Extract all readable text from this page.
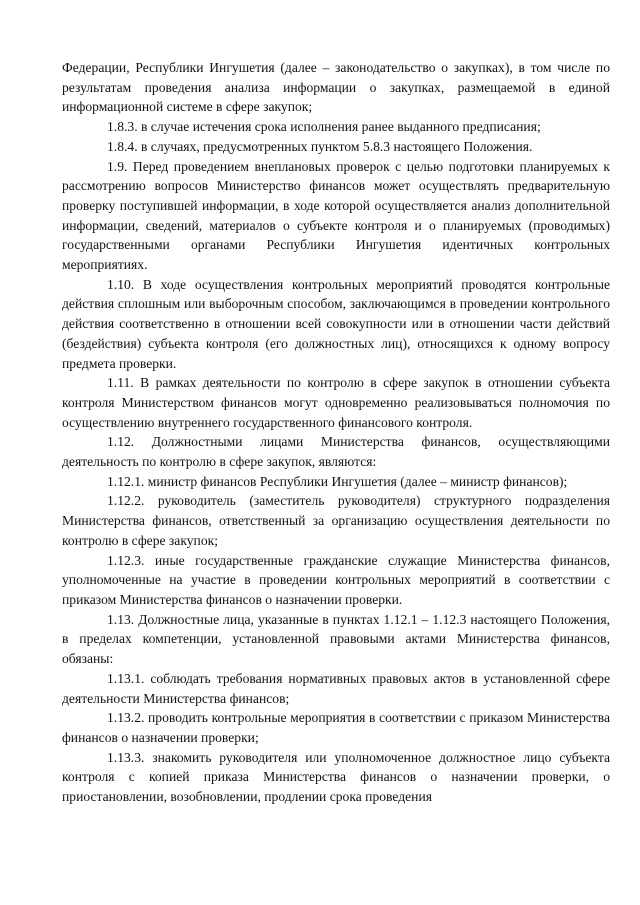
Федерации, Республики Ингушетия (далее – законодательство о закупках), в том числе по результатам проведения анализа информации о закупках, размещаемой в единой информационной системе в сфере закупок;

1.8.3. в случае истечения срока исполнения ранее выданного предписания;

1.8.4. в случаях, предусмотренных пунктом 5.8.3 настоящего Положения.

1.9. Перед проведением внеплановых проверок с целью подготовки планируемых к рассмотрению вопросов Министерство финансов может осуществлять предварительную проверку поступившей информации, в ходе которой осуществляется анализ дополнительной информации, сведений, материалов о субъекте контроля и о планируемых (проводимых) государственными органами Республики Ингушетия идентичных контрольных мероприятиях.

1.10. В ходе осуществления контрольных мероприятий проводятся контрольные действия сплошным или выборочным способом, заключающимся в проведении контрольного действия соответственно в отношении всей совокупности или в отношении части действий (бездействия) субъекта контроля (его должностных лиц), относящихся к одному вопросу предмета проверки.

1.11. В рамках деятельности по контролю в сфере закупок в отношении субъекта контроля Министерством финансов могут одновременно реализовываться полномочия по осуществлению внутреннего государственного финансового контроля.

1.12. Должностными лицами Министерства финансов, осуществляющими деятельность по контролю в сфере закупок, являются:

1.12.1. министр финансов Республики Ингушетия (далее – министр финансов);

1.12.2. руководитель (заместитель руководителя) структурного подразделения Министерства финансов, ответственный за организацию осуществления деятельности по контролю в сфере закупок;

1.12.3. иные государственные гражданские служащие Министерства финансов, уполномоченные на участие в проведении контрольных мероприятий в соответствии с приказом Министерства финансов о назначении проверки.

1.13. Должностные лица, указанные в пунктах 1.12.1 – 1.12.3 настоящего Положения, в пределах компетенции, установленной правовыми актами Министерства финансов, обязаны:

1.13.1. соблюдать требования нормативных правовых актов в установленной сфере деятельности Министерства финансов;

1.13.2. проводить контрольные мероприятия в соответствии с приказом Министерства финансов о назначении проверки;

1.13.3. знакомить руководителя или уполномоченное должностное лицо субъекта контроля с копией приказа Министерства финансов о назначении проверки, о приостановлении, возобновлении, продлении срока проведения
